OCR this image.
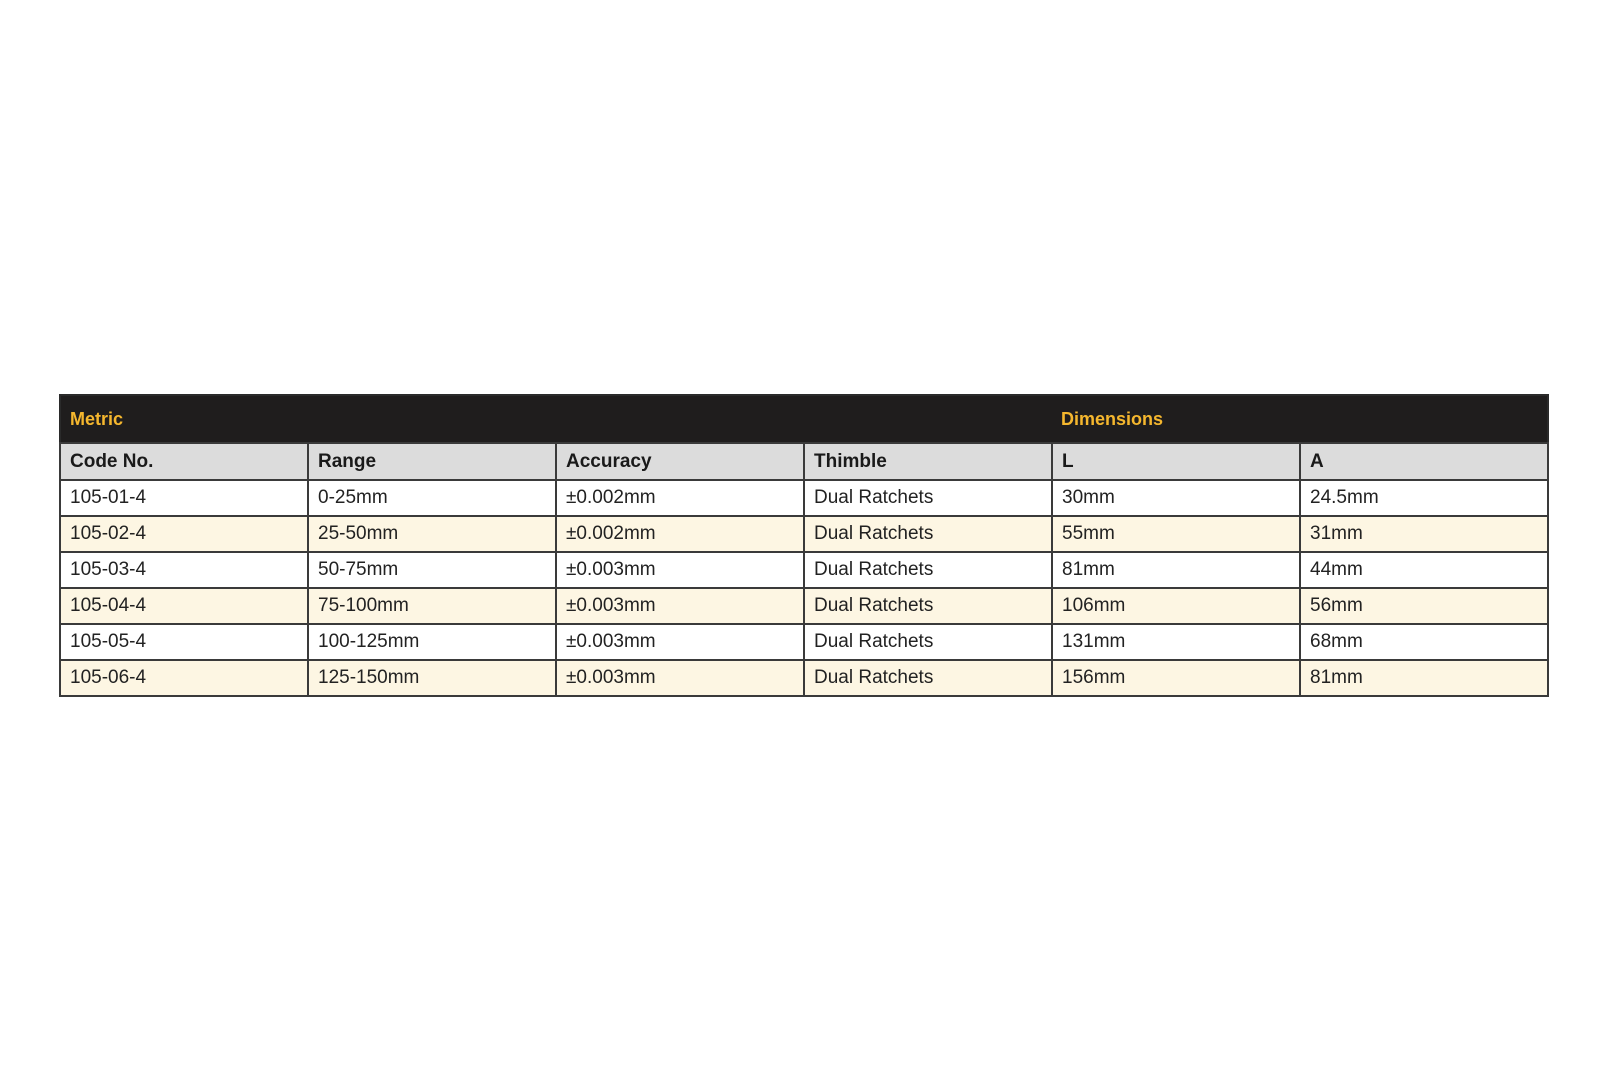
Metric				Dimensions	
Code No.	Range	Accuracy	Thimble	L	A
105-01-4	0-25mm	±0.002mm	Dual Ratchets	30mm	24.5mm
105-02-4	25-50mm	±0.002mm	Dual Ratchets	55mm	31mm
105-03-4	50-75mm	±0.003mm	Dual Ratchets	81mm	44mm
105-04-4	75-100mm	±0.003mm	Dual Ratchets	106mm	56mm
105-05-4	100-125mm	±0.003mm	Dual Ratchets	131mm	68mm
105-06-4	125-150mm	±0.003mm	Dual Ratchets	156mm	81mm
